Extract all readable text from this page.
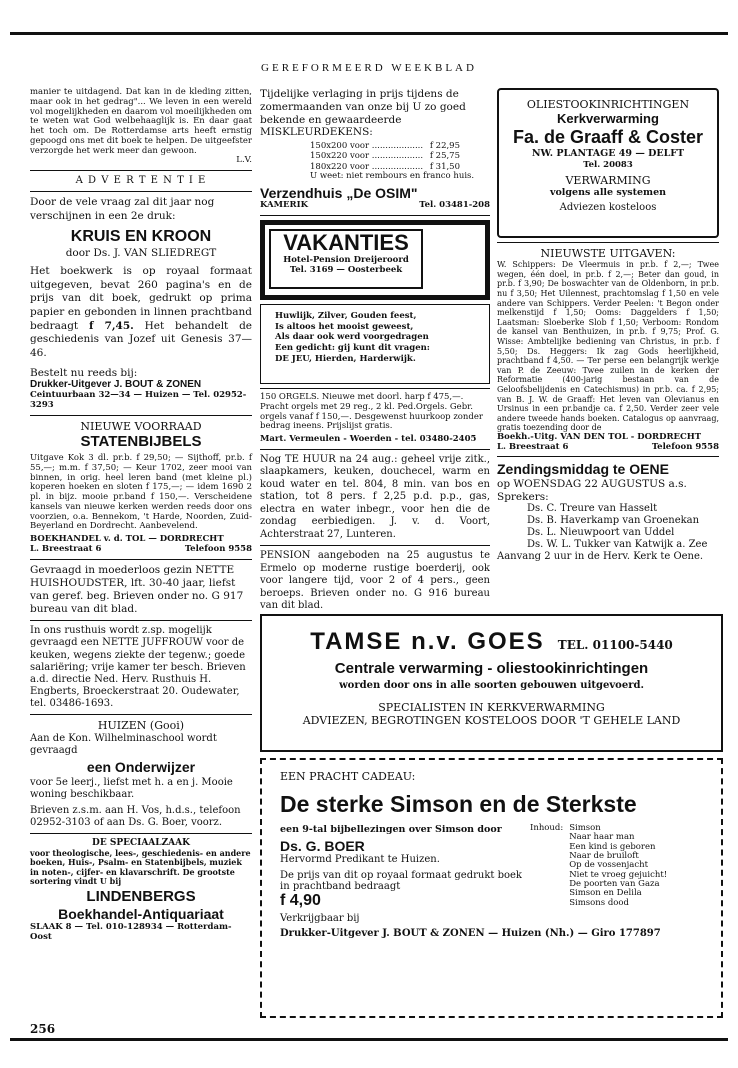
GEREFORMEERD WEEKBLAD

manier te uitdagend. Dat kan in de kleding zitten, maar ook in het gedrag"... We leven in een wereld vol mogelijkheden en daarom vol moeilijkheden om te weten wat God welbehaaglijk is. En daar gaat het toch om. De Rotterdamse arts heeft ernstig gepoogd ons met dit boek te helpen. De uitgeefster verzorgde het werk meer dan gewoon.

L.V.

A D V E R T E N T I E

Door de vele vraag zal dit jaar nog verschijnen in een 2e druk:

KRUIS EN KROON

door Ds. J. VAN SLIEDREGT

Het boekwerk is op royaal formaat uitgegeven, bevat 260 pagina's en de prijs van dit boek, gedrukt op prima papier en gebonden in linnen prachtband bedraagt f 7,45. Het behandelt de geschiedenis van Jozef uit Genesis 37—46.

Bestelt nu reeds bij:

Drukker-Uitgever J. BOUT & ZONEN

Ceintuurbaan 32—34 — Huizen — Tel. 02952-3293

NIEUWE VOORRAAD

STATENBIJBELS

Uitgave Kok 3 dl. pr.b. f 29,50; — Sijthoff, pr.b. f 55,—; m.m. f 37,50; — Keur 1702, zeer mooi van binnen, in orig. heel leren band (met kleine pl.) koperen hoeken en sloten f 175,—; — idem 1690 2 pl. in bijz. mooie pr.band f 150,—. Verscheidene kansels van nieuwe kerken werden reeds door ons voorzien, o.a. Bennekom, 't Harde, Noorden, Zuid-Beyerland en Dordrecht. Aanbevelend.

BOEKHANDEL v. d. TOL — DORDRECHT

L. Breestraat 6	Telefoon 9558

Gevraagd in moederloos gezin NETTE HUISHOUDSTER, lft. 30-40 jaar, liefst van geref. beg. Brieven onder no. G 917 bureau van dit blad.

In ons rusthuis wordt z.sp. mogelijk gevraagd een NETTE JUFFROUW voor de keuken, wegens ziekte der tegenw.; goede salariëring; vrije kamer ter besch. Brieven a.d. directie Ned. Herv. Rusthuis H. Engberts, Broeckerstraat 20. Oudewater, tel. 03486-1693.

HUIZEN (Gooi)

Aan de Kon. Wilhelminaschool wordt gevraagd

een Onderwijzer

voor 5e leerj., liefst met h. a en j. Mooie woning beschikbaar.

Brieven z.s.m. aan H. Vos, h.d.s., telefoon 02952-3103 of aan Ds. G. Boer, voorz.

DE SPECIAALZAAK

voor theologische, lees-, geschiedenis- en andere boeken, Huis-, Psalm- en Statenbijbels, muziek in noten-, cijfer- en klavarschrift. De grootste sortering vindt U bij

LINDENBERGS

Boekhandel-Antiquariaat

SLAAK 8 — Tel. 010-128934 — Rotterdam-Oost

Tijdelijke verlaging in prijs tijdens de zomermaanden van onze bij U zo goed bekende en gewaardeerde MISKLEURDEKENS:

150x200 voor ................... f 22,95
150x220 voor ................... f 25,75
180x220 voor ................... f 31,50

U weet: niet rembours en franco huis.

Verzendhuis „De OSIM"

KAMERIK	Tel. 03481-208

VAKANTIES

Hotel-Pension Dreijeroord

Tel. 3169 — Oosterbeek

Huwlijk, Zilver, Gouden feest,
Is altoos het mooist geweest,
Als daar ook werd voorgedragen
Een gedicht: gij kunt dit vragen:
DE JEU, Hierden, Harderwijk.

150 ORGELS. Nieuwe met doorl. harp f 475,—. Pracht orgels met 29 reg., 2 kl. Ped.Orgels. Gebr. orgels vanaf f 150,—. Desgewenst huurkoop zonder bedrag ineens. Prijslijst gratis.

Mart. Vermeulen - Woerden - tel. 03480-2405

Nog TE HUUR na 24 aug.: geheel vrije zitk., slaapkamers, keuken, douchecel, warm en koud water en tel. 804, 8 min. van bos en station, tot 8 pers. f 2,25 p.d. p.p., gas, electra en water inbegr., voor hen die de zondag eerbiedigen. J. v. d. Voort, Achterstraat 27, Lunteren.

PENSION aangeboden na 25 augustus te Ermelo op moderne rustige boerderij, ook voor langere tijd, voor 2 of 4 pers., geen beroeps. Brieven onder no. G 916 bureau van dit blad.

OLIESTOOKINRICHTINGEN

Kerkverwarming

Fa. de Graaff & Coster

NW. PLANTAGE 49 — DELFT

Tel. 20083

VERWARMING

volgens alle systemen

Adviezen kosteloos

NIEUWSTE UITGAVEN:

W. Schippers: De Vleermuis in pr.b. f 2,—; Twee wegen, één doel, in pr.b. f 2,—; Beter dan goud, in pr.b. f 3,90; De boswachter van de Oldenborn, in pr.b. nu f 3,50; Het Uilennest, prachtomslag f 1,50 en vele andere van Schippers. Verder Peelen: 't Begon onder melkenstijd f 1,50; Ooms: Daggelders f 1,50; Laatsman: Sloeberke Slob f 1,50; Verboom: Rondom de kansel van Benthuizen, in pr.b. f 9,75; Prof. G. Wisse: Ambtelijke bediening van Christus, in pr.b. f 5,50; Ds. Heggers: Ik zag Gods heerlijkheid, prachtband f 4,50. — Ter perse een belangrijk werkje van P. de Zeeuw: Twee zuilen in de kerken der Reformatie (400-jarig bestaan van de Geloofsbelijdenis en Catechismus) in pr.b. ca. f 2,95; van B. J. W. de Graaff: Het leven van Olevianus en Ursinus in een pr.bandje ca. f 2,50. Verder zeer vele andere tweede hands boeken. Catalogus op aanvraag, gratis toezending door de

Boekh.-Uitg. VAN DEN TOL - DORDRECHT

L. Breestraat 6	Telefoon 9558

Zendingsmiddag te OENE

op WOENSDAG 22 AUGUSTUS a.s.

Sprekers:

Ds. C. Treure van Hasselt

Ds. B. Haverkamp van Groenekan

Ds. L. Nieuwpoort van Uddel

Ds. W. L. Tukker van Katwijk a. Zee

Aanvang 2 uur in de Herv. Kerk te Oene.

TAMSE n.v. GOES TEL. 01100-5440

Centrale verwarming - oliestookinrichtingen

worden door ons in alle soorten gebouwen uitgevoerd.

SPECIALISTEN IN KERKVERWARMING

ADVIEZEN, BEGROTINGEN KOSTELOOS DOOR 'T GEHELE LAND

EEN PRACHT CADEAU:

De sterke Simson en de Sterkste

een 9-tal bijbellezingen over Simson door

Ds. G. BOER

Hervormd Predikant te Huizen.

De prijs van dit op royaal formaat gedrukt boek in prachtband bedraagt

f 4,90

Verkrijgbaar bij

Inhoud: Simson

Naar haar man

Een kind is geboren

Naar de bruiloft

Op de vossenjacht

Niet te vroeg gejuicht!

De poorten van Gaza

Simson en Delila

Simsons dood

Drukker-Uitgever J. BOUT & ZONEN — Huizen (Nh.) — Giro 177897

256
